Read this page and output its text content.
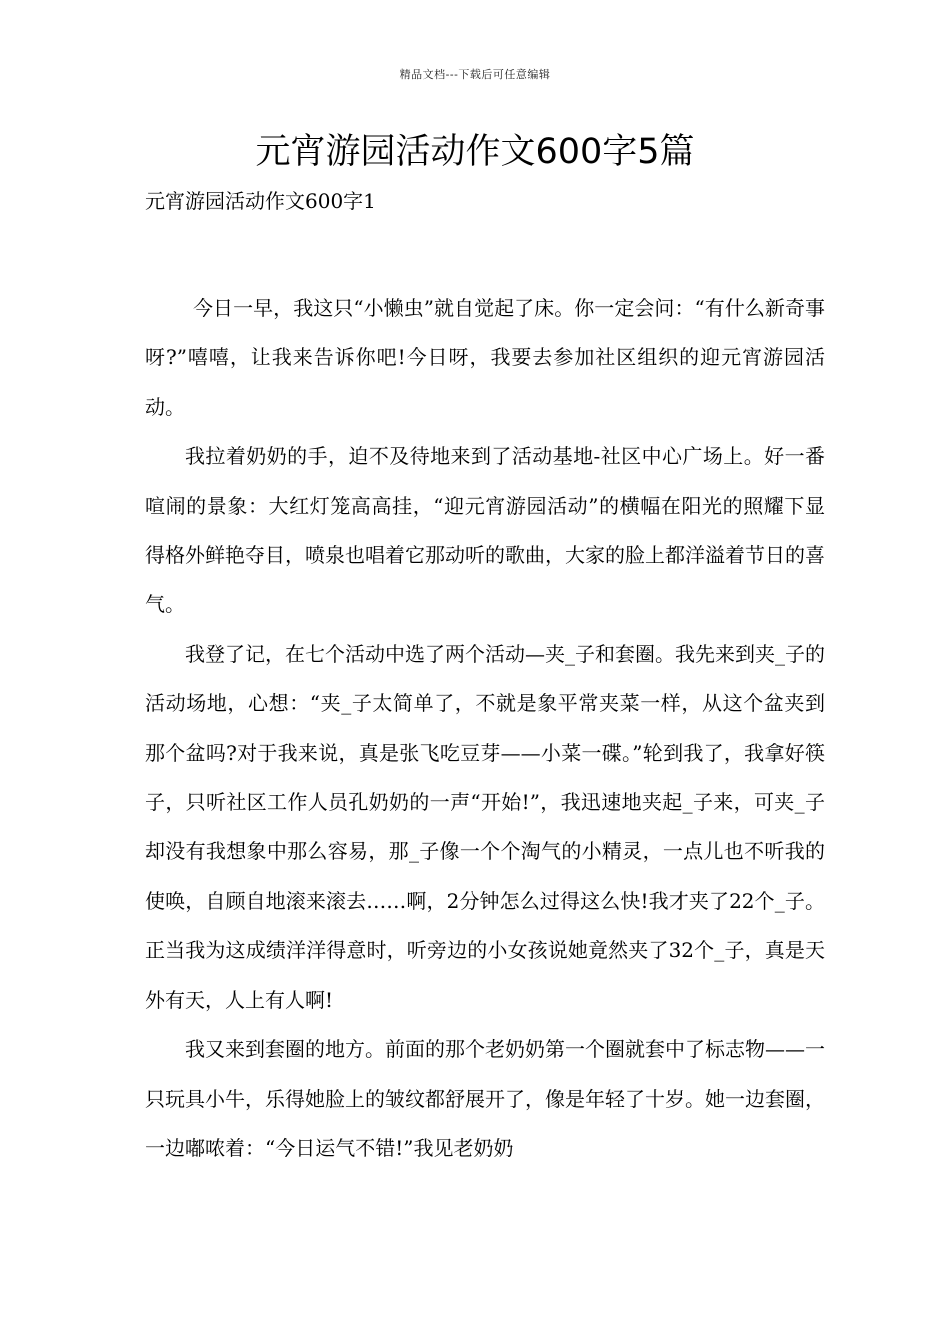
精品文档---下载后可任意编辑
元宵游园活动作文600字5篇

元宵游园活动作文600字1

今日一早，我这只“小懒虫”就自觉起了床。你一定会问：“有什么新奇事呀?”嘻嘻，让我来告诉你吧!今日呀，我要去参加社区组织的迎元宵游园活动。

我拉着奶奶的手，迫不及待地来到了活动基地-社区中心广场上。好一番喧闹的景象：大红灯笼高高挂，“迎元宵游园活动”的横幅在阳光的照耀下显得格外鲜艳夺目，喷泉也唱着它那动听的歌曲，大家的脸上都洋溢着节日的喜气。

我登了记，在七个活动中选了两个活动—夹_子和套圈。我先来到夹_子的活动场地，心想：“夹_子太简单了，不就是象平常夹菜一样，从这个盆夹到那个盆吗?对于我来说，真是张飞吃豆芽——小菜一碟。”轮到我了，我拿好筷子，只听社区工作人员孔奶奶的一声“开始!”，我迅速地夹起_子来，可夹_子却没有我想象中那么容易，那_子像一个个淘气的小精灵，一点儿也不听我的使唤，自顾自地滚来滚去……啊，2分钟怎么过得这么快!我才夹了22个_子。正当我为这成绩洋洋得意时，听旁边的小女孩说她竟然夹了32个_子，真是天外有天，人上有人啊!

我又来到套圈的地方。前面的那个老奶奶第一个圈就套中了标志物——一只玩具小牛，乐得她脸上的皱纹都舒展开了，像是年轻了十岁。她一边套圈，一边嘟哝着：“今日运气不错!”我见老奶奶
